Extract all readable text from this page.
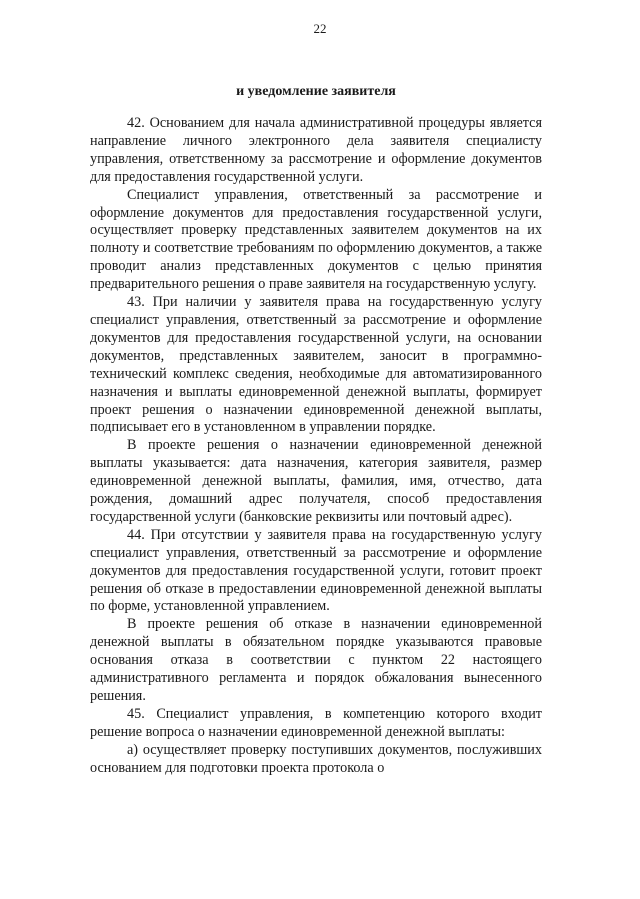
22
и уведомление заявителя

42. Основанием для начала административной процедуры является направление личного электронного дела заявителя специалисту управления, ответственному за рассмотрение и оформление документов для предоставления государственной услуги.

Специалист управления, ответственный за рассмотрение и оформление документов для предоставления государственной услуги, осуществляет проверку представленных заявителем документов на их полноту и соответствие требованиям по оформлению документов, а также проводит анализ представленных документов с целью принятия предварительного решения о праве заявителя на государственную услугу.

43. При наличии у заявителя права на государственную услугу специалист управления, ответственный за рассмотрение и оформление документов для предоставления государственной услуги, на основании документов, представленных заявителем, заносит в программно-технический комплекс сведения, необходимые для автоматизированного назначения и выплаты единовременной денежной выплаты, формирует проект решения о назначении единовременной денежной выплаты, подписывает его в установленном в управлении порядке.

В проекте решения о назначении единовременной денежной выплаты указывается: дата назначения, категория заявителя, размер единовременной денежной выплаты, фамилия, имя, отчество, дата рождения, домашний адрес получателя, способ предоставления государственной услуги (банковские реквизиты или почтовый адрес).

44. При отсутствии у заявителя права на государственную услугу специалист управления, ответственный за рассмотрение и оформление документов для предоставления государственной услуги, готовит проект решения об отказе в предоставлении единовременной денежной выплаты по форме, установленной управлением.

В проекте решения об отказе в назначении единовременной денежной выплаты в обязательном порядке указываются правовые основания отказа в соответствии с пунктом 22 настоящего административного регламента и порядок обжалования вынесенного решения.

45. Специалист управления, в компетенцию которого входит решение вопроса о назначении единовременной денежной выплаты:

а) осуществляет проверку поступивших документов, послуживших основанием для подготовки проекта протокола о
